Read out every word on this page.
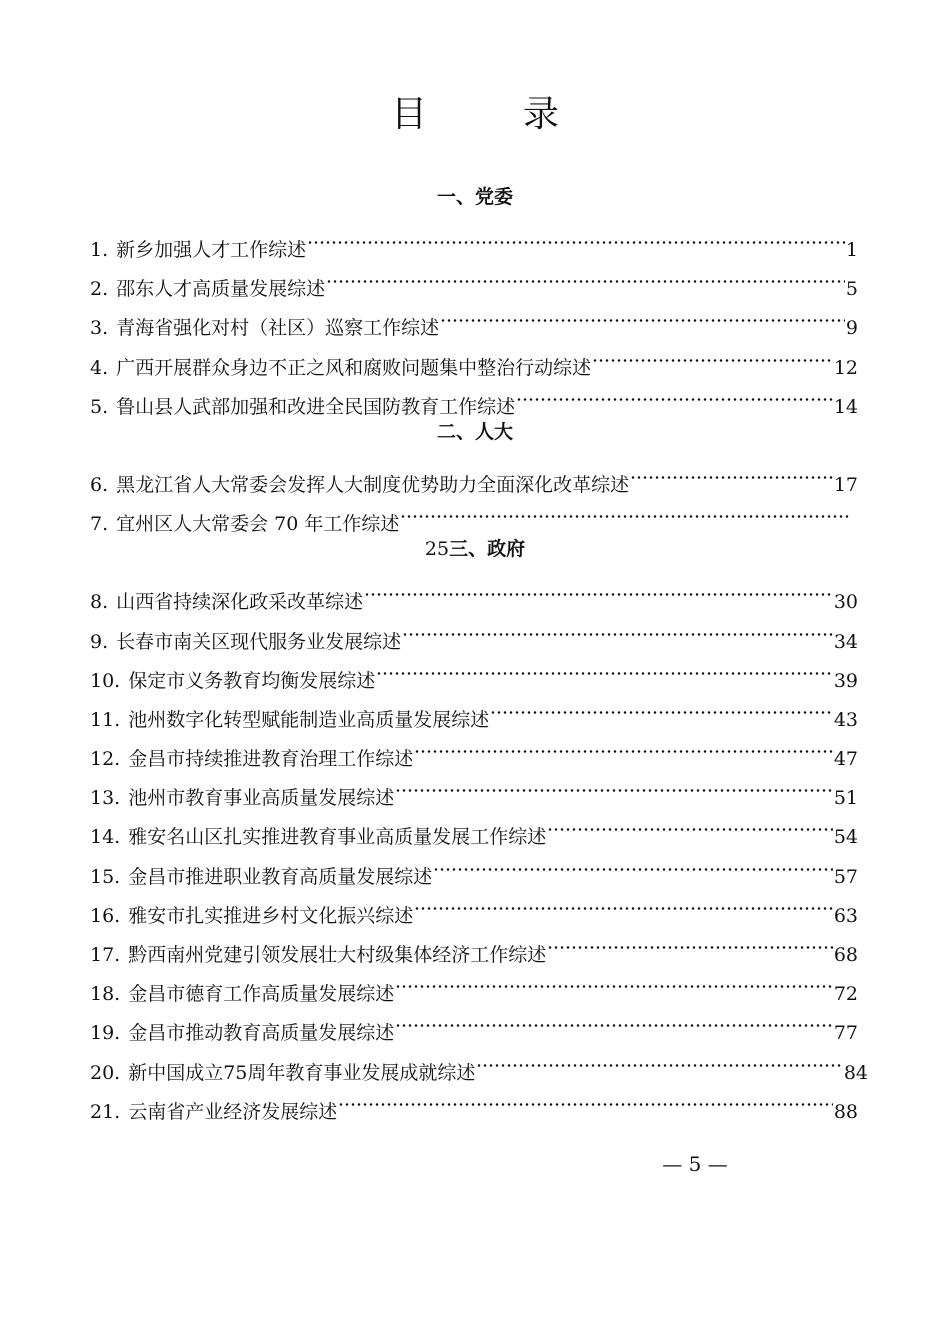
目　录
一、党委
1. 新乡加强人才工作综述	1
2. 邵东人才高质量发展综述	5
3. 青海省强化对村（社区）巡察工作综述	9
4. 广西开展群众身边不正之风和腐败问题集中整治行动综述	12
5. 鲁山县人武部加强和改进全民国防教育工作综述	14
二、人大
6. 黑龙江省人大常委会发挥人大制度优势助力全面深化改革综述	17
7. 宜州区人大常委会 70 年工作综述
25三、政府
8. 山西省持续深化政采改革综述	30
9. 长春市南关区现代服务业发展综述	34
10. 保定市义务教育均衡发展综述	39
11. 池州数字化转型赋能制造业高质量发展综述	43
12. 金昌市持续推进教育治理工作综述	47
13. 池州市教育事业高质量发展综述	51
14. 雅安名山区扎实推进教育事业高质量发展工作综述	54
15. 金昌市推进职业教育高质量发展综述	57
16. 雅安市扎实推进乡村文化振兴综述	63
17. 黔西南州党建引领发展壮大村级集体经济工作综述	68
18. 金昌市德育工作高质量发展综述	72
19. 金昌市推动教育高质量发展综述	77
20. 新中国成立75周年教育事业发展成就综述	84
21. 云南省产业经济发展综述	88
— 5 —
